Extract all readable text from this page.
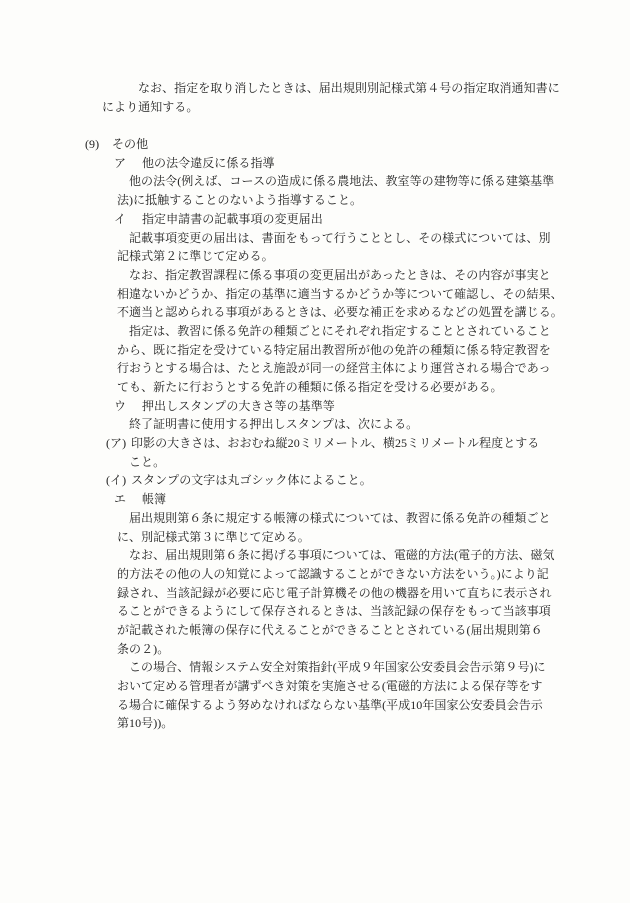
なお、指定を取り消したときは、届出規則別記様式第４号の指定取消通知書に
により通知する。
(9) その他
ア 他の法令違反に係る指導
他の法令(例えば、コースの造成に係る農地法、教室等の建物等に係る建築基準
法)に抵触することのないよう指導すること。
イ 指定申請書の記載事項の変更届出
記載事項変更の届出は、書面をもって行うこととし、その様式については、別
記様式第２に準じて定める。
なお、指定教習課程に係る事項の変更届出があったときは、その内容が事実と
相違ないかどうか、指定の基準に適当するかどうか等について確認し、その結果、
不適当と認められる事項があるときは、必要な補正を求めるなどの処置を講じる。
指定は、教習に係る免許の種類ごとにそれぞれ指定することとされていること
から、既に指定を受けている特定届出教習所が他の免許の種類に係る特定教習を
行おうとする場合は、たとえ施設が同一の経営主体により運営される場合であっ
ても、新たに行おうとする免許の種類に係る指定を受ける必要がある。
ウ 押出しスタンプの大きさ等の基準等
終了証明書に使用する押出しスタンプは、次による。
(ア) 印影の大きさは、おおむね縦20ミリメートル、横25ミリメートル程度とする
こと。
(イ) スタンプの文字は丸ゴシック体によること。
エ 帳簿
届出規則第６条に規定する帳簿の様式については、教習に係る免許の種類ごと
に、別記様式第３に準じて定める。
なお、届出規則第６条に掲げる事項については、電磁的方法(電子的方法、磁気
的方法その他の人の知覚によって認識することができない方法をいう。)により記
録され、当該記録が必要に応じ電子計算機その他の機器を用いて直ちに表示され
ることができるようにして保存されるときは、当該記録の保存をもって当該事項
が記載された帳簿の保存に代えることができることとされている(届出規則第６
条の２)。
この場合、情報システム安全対策指針(平成９年国家公安委員会告示第９号)に
おいて定める管理者が講ずべき対策を実施させる(電磁的方法による保存等をす
る場合に確保するよう努めなければならない基準(平成10年国家公安委員会告示
第10号))。
